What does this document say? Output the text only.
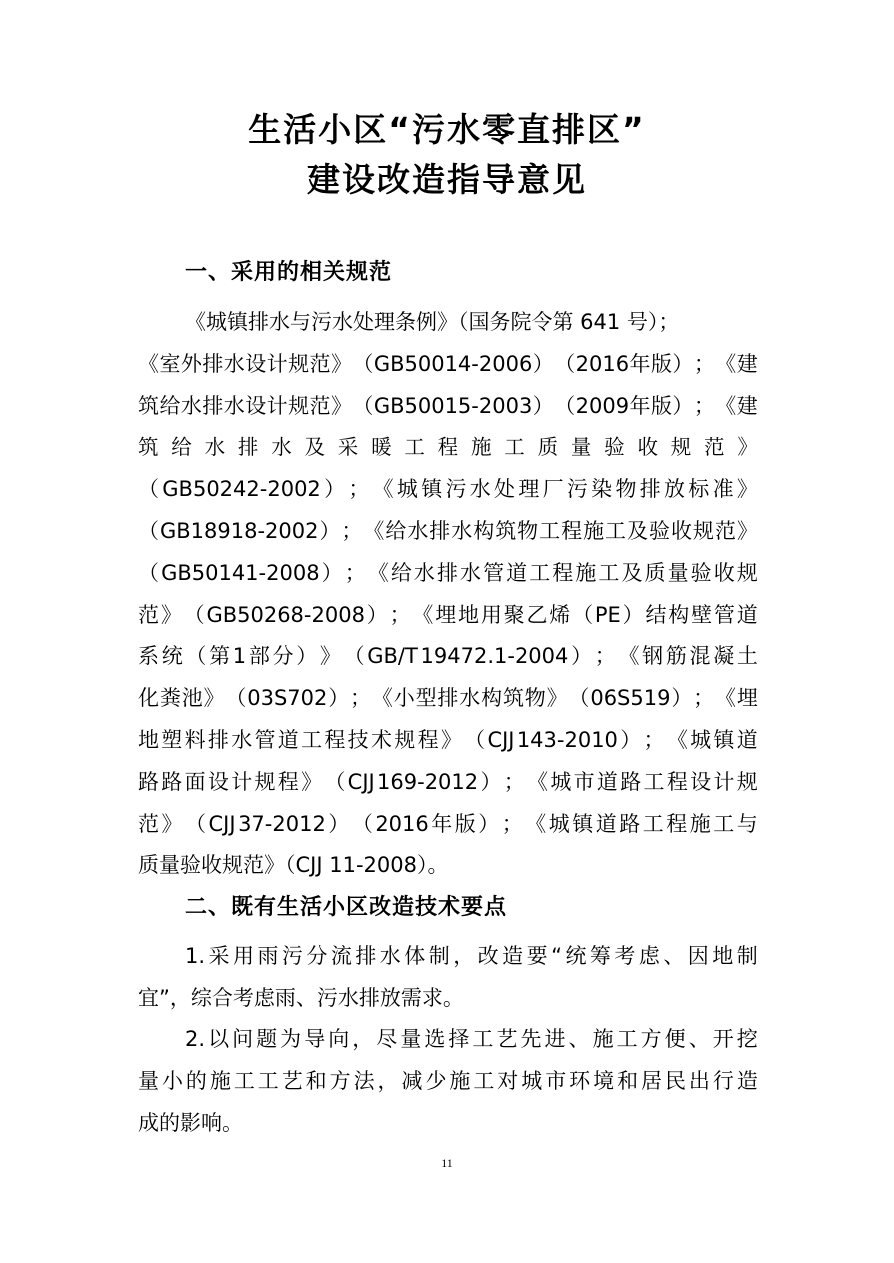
生活小区“污水零直排区”
建设改造指导意见
一、采用的相关规范
《城镇排水与污水处理条例》（国务院令第 641 号）；
《 室 外 排 水 设 计 规 范 》 （ GB50014-2006 ） （ 2016 年 版 ） ； 《 建
筑 给 水 排 水 设 计 规 范 》 （ GB50015-2003 ） （ 2009 年 版 ） ； 《 建
筑 给 水 排 水 及 采 暖 工 程 施 工 质 量 验 收 规 范 》
（ GB50242-2002 ） ； 《 城 镇 污 水 处 理 厂 污 染 物 排 放 标 准 》
（ GB18918-2002 ） ； 《 给 水 排 水 构 筑 物 工 程 施 工 及 验 收 规 范 》
（ GB50141-2008 ） ； 《 给 水 排 水 管 道 工 程 施 工 及 质 量 验 收 规
范 》 （ GB50268-2008 ） ； 《 埋 地 用 聚 乙 烯 （ PE ） 结 构 壁 管 道
系 统 （ 第 1 部 分 ） 》 （ GB/T 19472.1-2004 ） ； 《 钢 筋 混 凝 土
化 粪 池 》 （ 03S702 ） ； 《 小 型 排 水 构 筑 物 》 （ 06S519 ） ； 《 埋
地 塑 料 排 水 管 道 工 程 技 术 规 程 》 （ CJJ 143-2010 ） ； 《 城 镇 道
路 路 面 设 计 规 程 》 （ CJJ 169-2012 ） ； 《 城 市 道 路 工 程 设 计 规
范 》 （ CJJ 37-2012 ） （ 2016 年 版 ） ； 《 城 镇 道 路 工 程 施 工 与
质量验收规范》（CJJ 11-2008）。
二、既有生活小区改造技术要点
1. 采 用 雨 污 分 流 排 水 体 制 ， 改 造 要 “ 统 筹 考 虑 、 因 地 制
宜”，综合考虑雨、污水排放需求。
2. 以 问 题 为 导 向 ， 尽 量 选 择 工 艺 先 进 、 施 工 方 便 、 开 挖
量 小 的 施 工 工 艺 和 方 法 ， 减 少 施 工 对 城 市 环 境 和 居 民 出 行 造
成的影响。
11
